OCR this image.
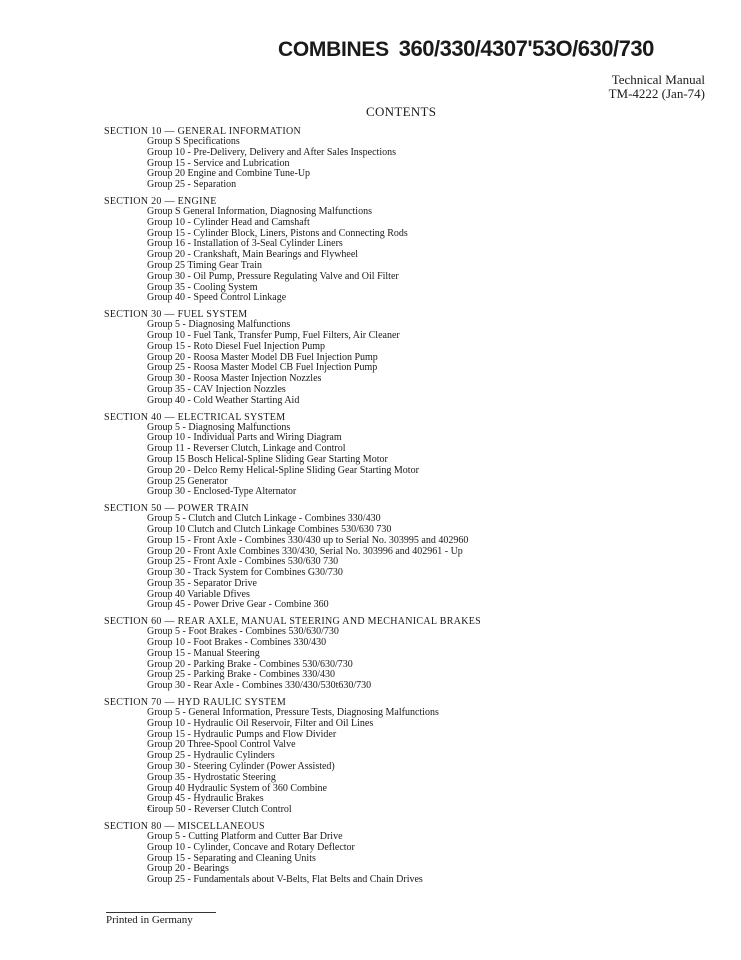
COMBINES 360/330/4307'53O/630/730
Technical Manual
TM-4222 (Jan-74)
CONTENTS
SECTION 10 — GENERAL INFORMATION
Group S Specifications
Group 10 - Pre-Delivery, Delivery and After Sales Inspections
Group 15 - Service and Lubrication
Group 20 Engine and Combine Tune-Up
Group 25 - Separation
SECTION 20 — ENGINE
Group S General Information, Diagnosing Malfunctions
Group 10 - Cylinder Head and Camshaft
Group 15 - Cylinder Block, Liners, Pistons and Connecting Rods
Group 16 - Installation of 3-Seal Cylinder Liners
Group 20 - Crankshaft, Main Bearings and Flywheel
Group 25 Timing Gear Train
Group 30 - Oil Pump, Pressure Regulating Valve and Oil Filter
Group 35 - Cooling System
Group 40 - Speed Control Linkage
SECTION 30 — FUEL SYSTEM
Group 5 - Diagnosing Malfunctions
Group 10 - Fuel Tank, Transfer Pump, Fuel Filters, Air Cleaner
Group 15 - Roto Diesel Fuel Injection Pump
Group 20 - Roosa Master Model DB Fuel Injection Pump
Group 25 - Roosa Master Model CB Fuel Injection Pump
Group 30 - Roosa Master Injection Nozzles
Group 35 - CAV Injection Nozzles
Group 40 - Cold Weather Starting Aid
SECTION 40 — ELECTRICAL SYSTEM
Group 5 - Diagnosing Malfunctions
Group 10 - Individual Parts and Wiring Diagram
Group 11 - Reverser Clutch, Linkage and Control
Group 15 Bosch Helical-Spline Sliding Gear Starting Motor
Group 20 - Delco Remy Helical-Spline Sliding Gear Starting Motor
Group 25 Generator
Group 30 - Enclosed-Type Alternator
SECTION 50 — POWER TRAIN
Group 5 - Clutch and Clutch Linkage - Combines 330/430
Group 10 Clutch and Clutch Linkage Combines 530/630 730
Group 15 - Front Axle - Combines 330/430 up to Serial No. 303995 and 402960
Group 20 - Front Axle Combines 330/430, Serial No. 303996 and 402961 - Up
Group 25 - Front Axle - Combines 530/630 730
Group 30 - Track System for Combines G30/730
Group 35 - Separator Drive
Group 40 Variable Dfives
Group 45 - Power Drive Gear - Combine 360
SECTION 60 — REAR AXLE, MANUAL STEERING AND MECHANICAL BRAKES
Group 5 - Foot Brakes - Combines 530/630/730
Group 10 - Foot Brakes - Combines 330/430
Group 15 - Manual Steering
Group 20 - Parking Brake - Combines 530/630/730
Group 25 - Parking Brake - Combines 330/430
Group 30 - Rear Axle - Combines 330/430/530t630/730
SECTION 70 — HYD RAULIC SYSTEM
Group 5 - General Information, Pressure Tests, Diagnosing Malfunctions
Group 10 - Hydraulic Oil Reservoir, Filter and Oil Lines
Group 15 - Hydraulic Pumps and Flow Divider
Group 20 Three-Spool Control Valve
Group 25 - Hydraulic Cylinders
Group 30 - Steering Cylinder (Power Assisted)
Group 35 - Hydrostatic Steering
Group 40 Hydraulic System of 360 Combine
Group 45 - Hydraulic Brakes
€iroup 50 - Reverser Clutch Control
SECTION 80 — MISCELLANEOUS
Group 5 - Cutting Platform and Cutter Bar Drive
Group 10 - Cylinder, Concave and Rotary Deflector
Group 15 - Separating and Cleaning Units
Group 20 - Bearings
Group 25 - Fundamentals about V-Belts, Flat Belts and Chain Drives
Printed in Germany
